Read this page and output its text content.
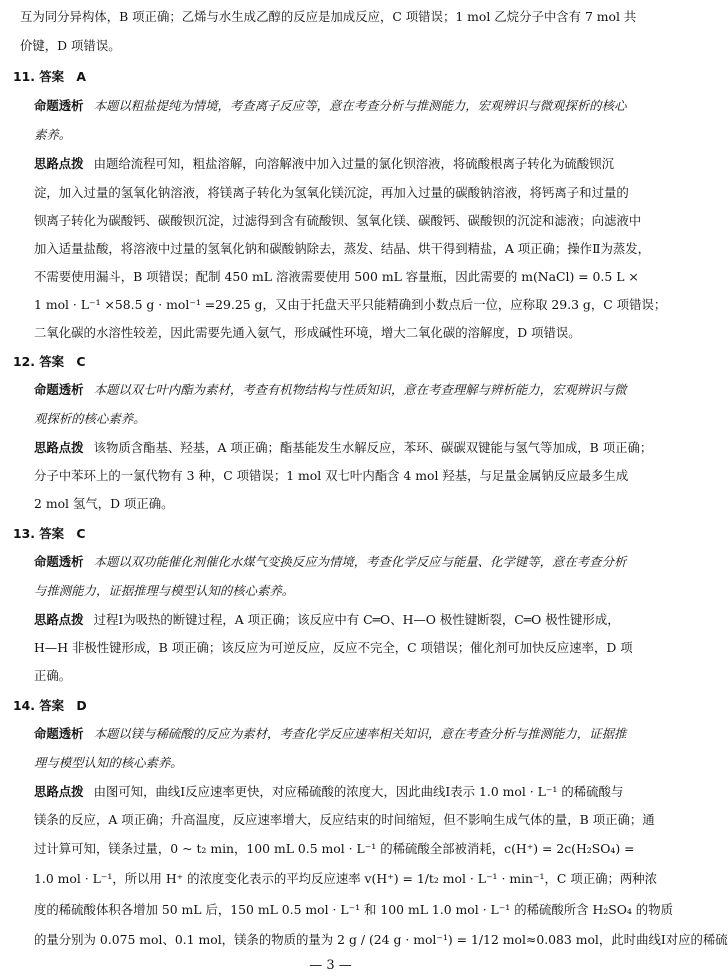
互为同分异构体，B 项正确；乙烯与水生成乙醇的反应是加成反应，C 项错误；1 mol 乙烷分子中含有 7 mol 共
价键，D 项错误。
11. 答案　A
命题透析 本题以粗盐提纯为情境，考查离子反应等，意在考查分析与推测能力，宏观辨识与微观探析的核心
素养。
思路点拨 由题给流程可知，粗盐溶解，向溶解液中加入过量的氯化钡溶液，将硫酸根离子转化为硫酸钡沉
淀，加入过量的氢氧化钠溶液，将镁离子转化为氢氧化镁沉淀，再加入过量的碳酸钠溶液，将钙离子和过量的
钡离子转化为碳酸钙、碳酸钡沉淀，过滤得到含有硫酸钡、氢氧化镁、碳酸钙、碳酸钡的沉淀和滤液；向滤液中
加入适量盐酸，将溶液中过量的氢氧化钠和碳酸钠除去，蒸发、结晶、烘干得到精盐，A 项正确；操作Ⅱ为蒸发，
不需要使用漏斗，B 项错误；配制 450 mL 溶液需要使用 500 mL 容量瓶，因此需要的 m(NaCl) = 0.5 L ×
1 mol · L⁻¹ ×58.5 g · mol⁻¹ =29.25 g，又由于托盘天平只能精确到小数点后一位，应称取 29.3 g，C 项错误；
二氧化碳的水溶性较差，因此需要先通入氨气，形成碱性环境，增大二氧化碳的溶解度，D 项错误。
12. 答案　C
命题透析 本题以双七叶内酯为素材，考查有机物结构与性质知识，意在考查理解与辨析能力，宏观辨识与微
观探析的核心素养。
思路点拨 该物质含酯基、羟基，A 项正确；酯基能发生水解反应，苯环、碳碳双键能与氢气等加成，B 项正确；
分子中苯环上的一氯代物有 3 种，C 项错误；1 mol 双七叶内酯含 4 mol 羟基，与足量金属钠反应最多生成
2 mol 氢气，D 项正确。
13. 答案　C
命题透析 本题以双功能催化剂催化水煤气变换反应为情境，考查化学反应与能量、化学键等，意在考查分析
与推测能力，证据推理与模型认知的核心素养。
思路点拨 过程Ⅰ为吸热的断键过程，A 项正确；该反应中有 C═O、H—O 极性键断裂，C═O 极性键形成，
H—H 非极性键形成，B 项正确；该反应为可逆反应，反应不完全，C 项错误；催化剂可加快反应速率，D 项
正确。
14. 答案　D
命题透析 本题以镁与稀硫酸的反应为素材，考查化学反应速率相关知识，意在考查分析与推测能力，证据推
理与模型认知的核心素养。
思路点拨 由图可知，曲线Ⅰ反应速率更快，对应稀硫酸的浓度大，因此曲线Ⅰ表示 1.0 mol · L⁻¹ 的稀硫酸与
镁条的反应，A 项正确；升高温度，反应速率增大，反应结束的时间缩短，但不影响生成气体的量，B 项正确；通
过计算可知，镁条过量，0 ~ t₂ min，100 mL 0.5 mol · L⁻¹ 的稀硫酸全部被消耗，c(H⁺) = 2c(H₂SO₄) =
1.0 mol · L⁻¹，所以用 H⁺ 的浓度变化表示的平均反应速率 v(H⁺) = 1/t₂ mol · L⁻¹ · min⁻¹，C 项正确；两种浓
度的稀硫酸体积各增加 50 mL 后，150 mL 0.5 mol · L⁻¹ 和 100 mL 1.0 mol · L⁻¹ 的稀硫酸所含 H₂SO₄ 的物质
的量分别为 0.075 mol、0.1 mol，镁条的物质的量为 2 g / (24 g · mol⁻¹) = 1/12 mol≈0.083 mol，此时曲线Ⅰ对应的稀硫
— 3 —
